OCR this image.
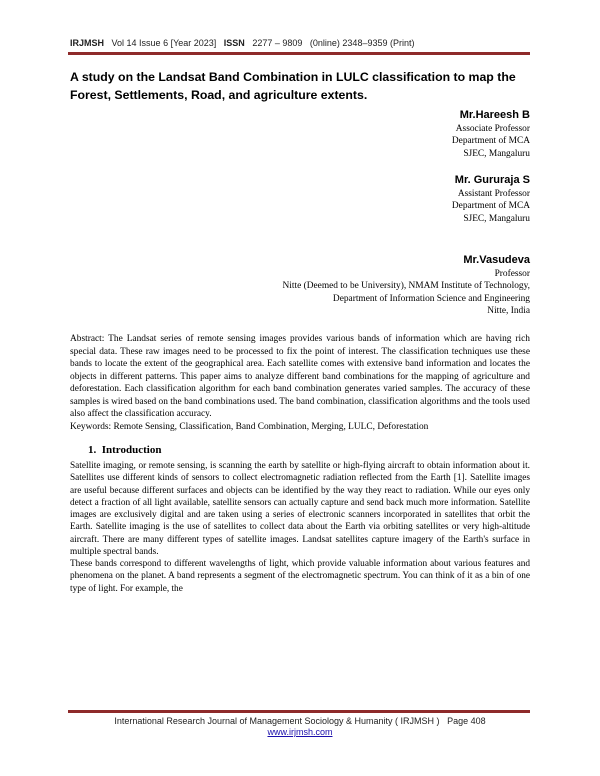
IRJMSH Vol 14 Issue 6 [Year 2023] ISSN 2277 – 9809 (0nline) 2348–9359 (Print)
A study on the Landsat Band Combination in LULC classification to map the Forest, Settlements, Road, and agriculture extents.
Mr.Hareesh B
Associate Professor
Department of MCA
SJEC, Mangaluru
Mr. Gururaja S
Assistant Professor
Department of MCA
SJEC, Mangaluru
Mr.Vasudeva
Professor
Nitte (Deemed to be University), NMAM Institute of Technology,
Department of Information Science and Engineering
Nitte, India

Abstract: The Landsat series of remote sensing images provides various bands of information which are having rich special data. These raw images need to be processed to fix the point of interest. The classification techniques use these bands to locate the extent of the geographical area. Each satellite comes with extensive band information and locates the objects in different patterns. This paper aims to analyze different band combinations for the mapping of agriculture and deforestation. Each classification algorithm for each band combination generates varied samples. The accuracy of these samples is wired based on the band combinations used. The band combination, classification algorithms and the tools used also affect the classification accuracy.

Keywords: Remote Sensing, Classification, Band Combination, Merging, LULC, Deforestation

1. Introduction

Satellite imaging, or remote sensing, is scanning the earth by satellite or high-flying aircraft to obtain information about it. Satellites use different kinds of sensors to collect electromagnetic radiation reflected from the Earth [1]. Satellite images are useful because different surfaces and objects can be identified by the way they react to radiation. While our eyes only detect a fraction of all light available, satellite sensors can actually capture and send back much more information. Satellite images are exclusively digital and are taken using a series of electronic scanners incorporated in satellites that orbit the Earth. Satellite imaging is the use of satellites to collect data about the Earth via orbiting satellites or very high-altitude aircraft. There are many different types of satellite images. Landsat satellites capture imagery of the Earth's surface in multiple spectral bands.

These bands correspond to different wavelengths of light, which provide valuable information about various features and phenomena on the planet. A band represents a segment of the electromagnetic spectrum. You can think of it as a bin of one type of light. For example, the

International Research Journal of Management Sociology & Humanity ( IRJMSH ) Page 408
www.irjmsh.com
